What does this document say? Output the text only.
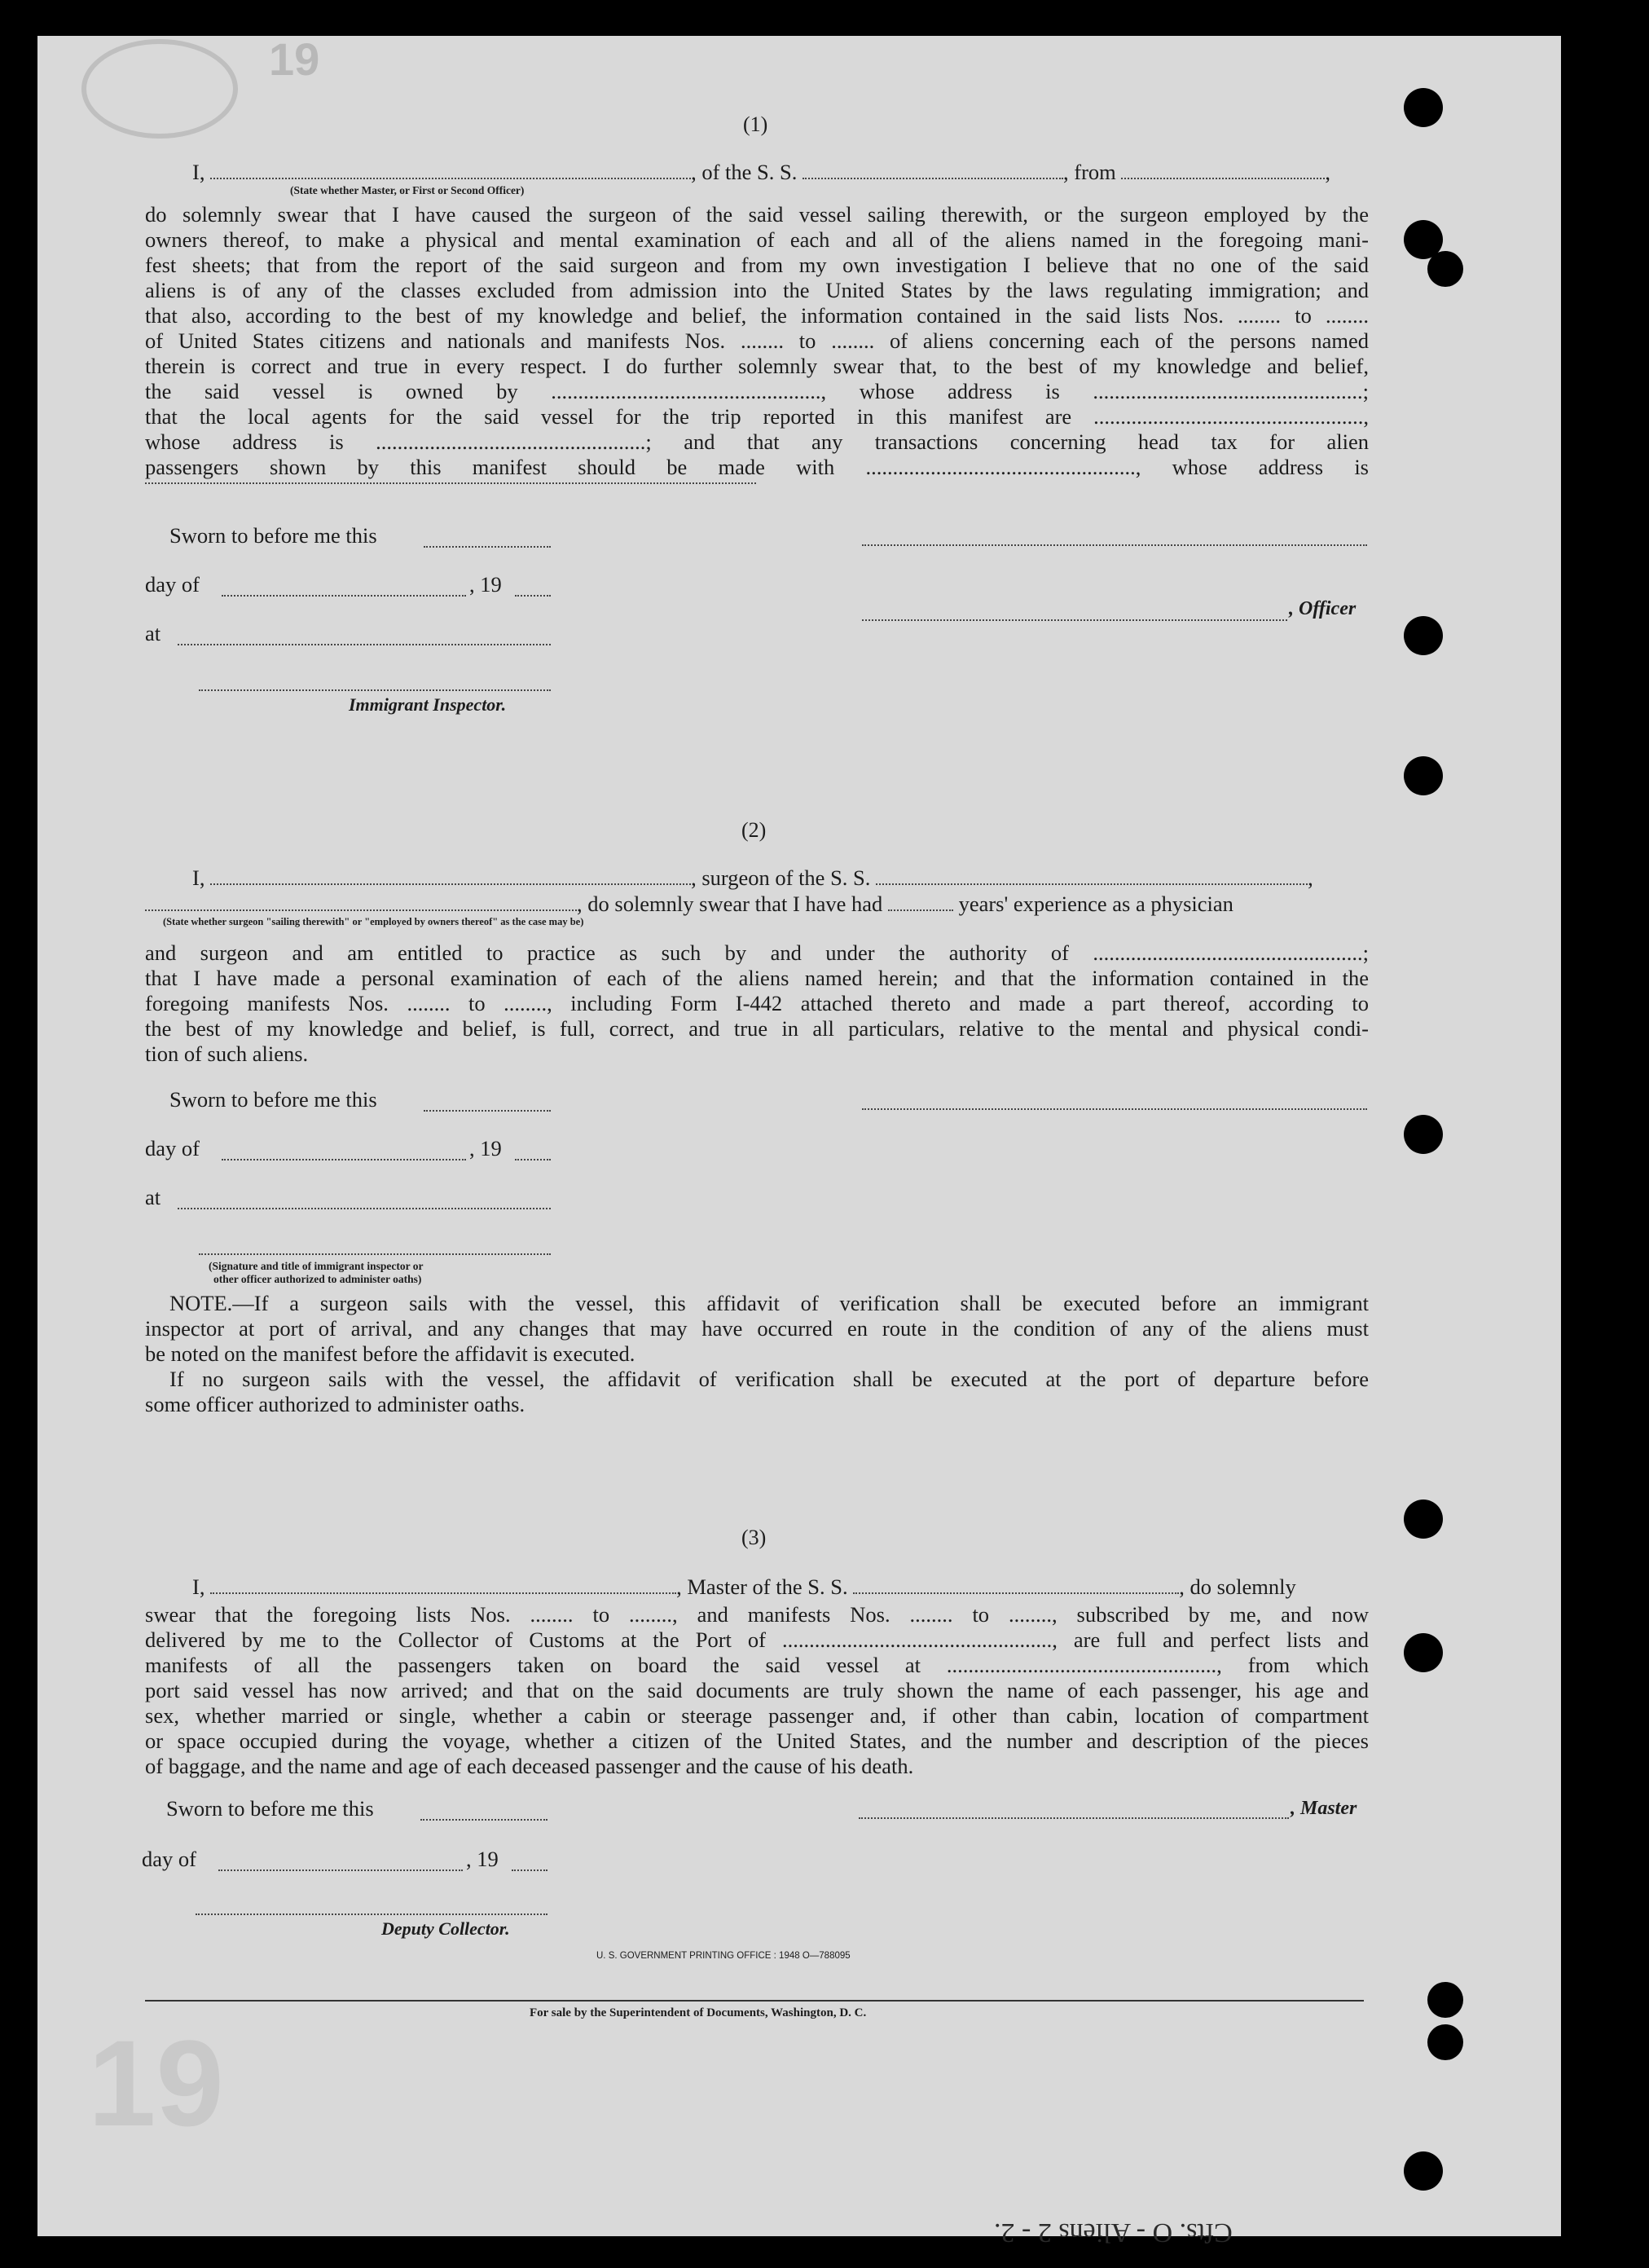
19
19
(1)
I,	, of the S. S.	, from	,
(State whether Master, or First or Second Officer)
do solemnly swear that I have caused the surgeon of the said vessel sailing therewith, or the surgeon employed by the
owners thereof, to make a physical and mental examination of each and all of the aliens named in the foregoing mani-
fest sheets; that from the report of the said surgeon and from my own investigation I believe that no one of the said
aliens is of any of the classes excluded from admission into the United States by the laws regulating immigration; and
that also, according to the best of my knowledge and belief, the information contained in the said lists Nos. ........ to ........
of United States citizens and nationals and manifests Nos. ........ to ........ of aliens concerning each of the persons named
therein is correct and true in every respect. I do further solemnly swear that, to the best of my knowledge and belief,
the said vessel is owned by .................................................., whose address is ..................................................;
that the local agents for the said vessel for the trip reported in this manifest are ..................................................,
whose address is ..................................................; and that any transactions concerning head tax for alien
passengers shown by this manifest should be made with .................................................., whose address is
Sworn to before me this
day of	, 19
, Officer
at
Immigrant Inspector.
(2)
I,	, surgeon of the S. S.	,
, do solemnly swear that I have had	years' experience as a physician
(State whether surgeon "sailing therewith" or "employed by owners thereof" as the case may be)
and surgeon and am entitled to practice as such by and under the authority of ..................................................;
that I have made a personal examination of each of the aliens named herein; and that the information contained in the
foregoing manifests Nos. ........ to ........, including Form I-442 attached thereto and made a part thereof, according to
the best of my knowledge and belief, is full, correct, and true in all particulars, relative to the mental and physical condi-
tion of such aliens.
Sworn to before me this
day of	, 19
at
(Signature and title of immigrant inspector or
other officer authorized to administer oaths)
NOTE.—If a surgeon sails with the vessel, this affidavit of verification shall be executed before an immigrant
inspector at port of arrival, and any changes that may have occurred en route in the condition of any of the aliens must
be noted on the manifest before the affidavit is executed.
If no surgeon sails with the vessel, the affidavit of verification shall be executed at the port of departure before
some officer authorized to administer oaths.
(3)
I,	, Master of the S. S.	, do solemnly
swear that the foregoing lists Nos. ........ to ........, and manifests Nos. ........ to ........, subscribed by me, and now
delivered by me to the Collector of Customs at the Port of .................................................., are full and perfect lists and
manifests of all the passengers taken on board the said vessel at .................................................., from which
port said vessel has now arrived; and that on the said documents are truly shown the name of each passenger, his age and
sex, whether married or single, whether a cabin or steerage passenger and, if other than cabin, location of compartment
or space occupied during the voyage, whether a citizen of the United States, and the number and description of the pieces
of baggage, and the name and age of each deceased passenger and the cause of his death.
Sworn to before me this	, Master
day of	, 19
Deputy Collector.
U. S. GOVERNMENT PRINTING OFFICE : 1948 O—788095
For sale by the Superintendent of Documents, Washington, D. C.
Cfts. O - Aliens 2 - 2.
